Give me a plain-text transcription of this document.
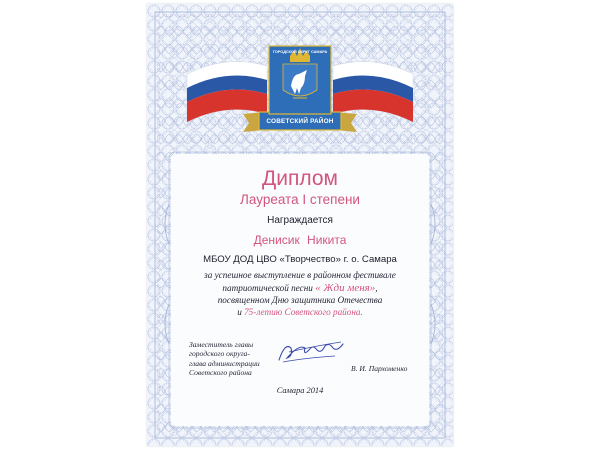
ГОРОДСКОЙ ОКРУГ САМАРА
СОВЕТСКИЙ РАЙОН
Диплом
Лауреата I степени
Награждается
Денисик Никита
МБОУ ДОД ЦВО «Творчество» г. о. Самара
за успешное выступление в районном фестивале
патриотической песни « Жди меня»,
посвященном Дню защитника Отечества
и 75-летию Советского района.
Заместитель главы
городского округа-
глава администрации
Советского района	В. И. Пархоменко
Самара 2014
